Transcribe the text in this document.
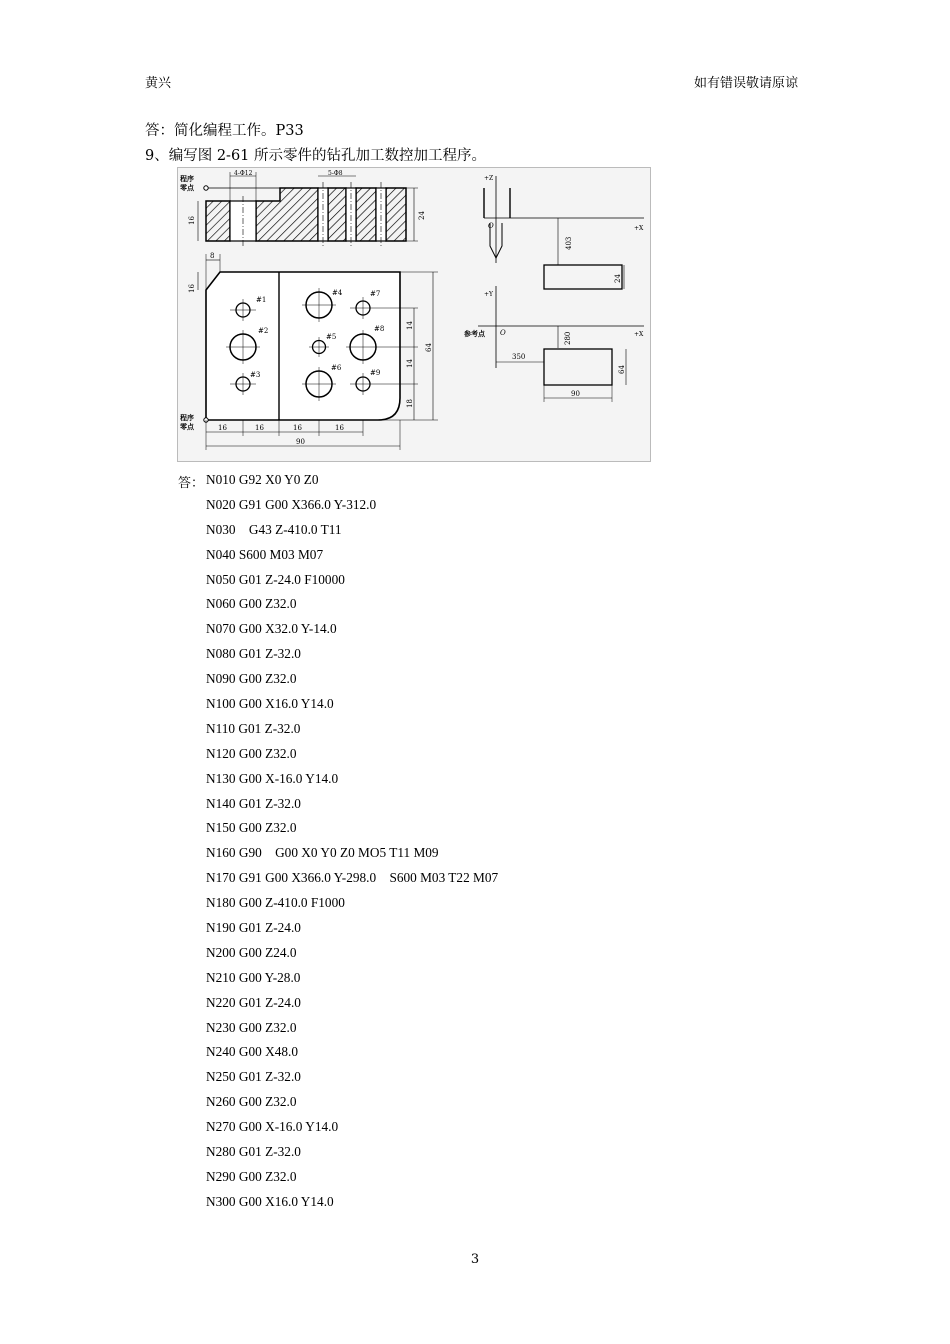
黄兴	如有错误敬请原谅
答：简化编程工作。P33
9、编写图 2-61 所示零件的钻孔加工数控加工程序。
程序
零点
4-Φ12	5-Φ8
16
24
#1
#2
#3
#4
#5
#6
#7
#8
#9
8
16
14
14
18
64
16	16	16	16
90
程序
零点
+Z
+X
O
403
24
+Y
+X
参考点 O	280
350
64
90
答： N010 G92 X0 Y0 Z0
N020 G91 G00 X366.0 Y-312.0
N030    G43 Z-410.0 T11
N040 S600 M03 M07
N050 G01 Z-24.0 F10000
N060 G00 Z32.0
N070 G00 X32.0 Y-14.0
N080 G01 Z-32.0
N090 G00 Z32.0
N100 G00 X16.0 Y14.0
N110 G01 Z-32.0
N120 G00 Z32.0
N130 G00 X-16.0 Y14.0
N140 G01 Z-32.0
N150 G00 Z32.0
N160 G90    G00 X0 Y0 Z0 MO5 T11 M09
N170 G91 G00 X366.0 Y-298.0    S600 M03 T22 M07
N180 G00 Z-410.0 F1000
N190 G01 Z-24.0
N200 G00 Z24.0
N210 G00 Y-28.0
N220 G01 Z-24.0
N230 G00 Z32.0
N240 G00 X48.0
N250 G01 Z-32.0
N260 G00 Z32.0
N270 G00 X-16.0 Y14.0
N280 G01 Z-32.0
N290 G00 Z32.0
N300 G00 X16.0 Y14.0
3
